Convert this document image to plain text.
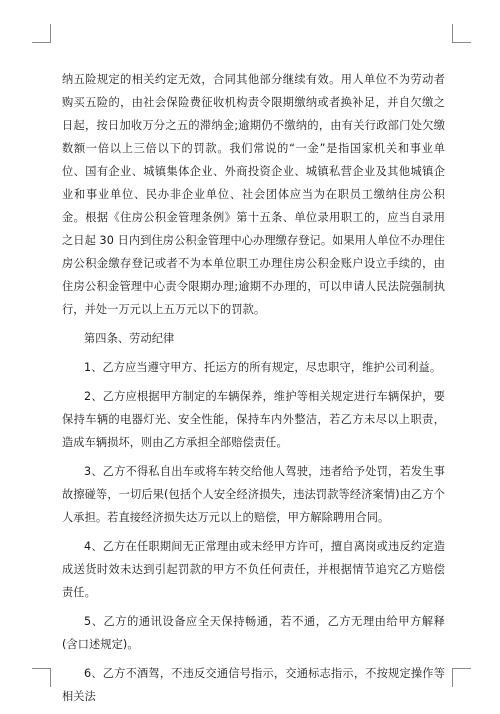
纳五险规定的相关约定无效，合同其他部分继续有效。用人单位不为劳动者购买五险的，由社会保险费征收机构责令限期缴纳或者换补足，并自欠缴之日起，按日加收万分之五的滞纳金;逾期仍不缴纳的，由有关行政部门处欠缴数额一倍以上三倍以下的罚款。我们常说的“一金”是指国家机关和事业单位、国有企业、城镇集体企业、外商投资企业、城镇私营企业及其他城镇企业和事业单位、民办非企业单位、社会团体应当为在职员工缴纳住房公积金。根据《住房公积金管理条例》第十五条、单位录用职工的，应当自录用之日起 30 日内到住房公积金管理中心办理缴存登记。如果用人单位不办理住房公积金缴存登记或者不为本单位职工办理住房公积金账户设立手续的，由住房公积金管理中心责令限期办理;逾期不办理的，可以申请人民法院强制执行，并处一万元以上五万元以下的罚款。

第四条、劳动纪律

1、乙方应当遵守甲方、托运方的所有规定，尽忠职守，维护公司利益。

2、乙方应根据甲方制定的车辆保养，维护等相关规定进行车辆保护，要保持车辆的电器灯光、安全性能，保持车内外整洁，若乙方未尽以上职责，造成车辆损坏，则由乙方承担全部赔偿责任。

3、乙方不得私自出车或将车转交给他人驾驶，违者给予处罚，若发生事故擦碰等，一切后果(包括个人安全经济损失，违法罚款等经济案情)由乙方个人承担。若直接经济损失达万元以上的赔偿，甲方解除聘用合同。

4、乙方在任职期间无正常理由或未经甲方许可，擅自离岗或违反约定造成送货时效未达到引起罚款的甲方不负任何责任，并根据情节追究乙方赔偿责任。

5、乙方的通讯设备应全天保持畅通，若不通，乙方无理由给甲方解释(含口述规定)。

6、乙方不酒驾，不违反交通信号指示，交通标志指示，不按规定操作等相关法
